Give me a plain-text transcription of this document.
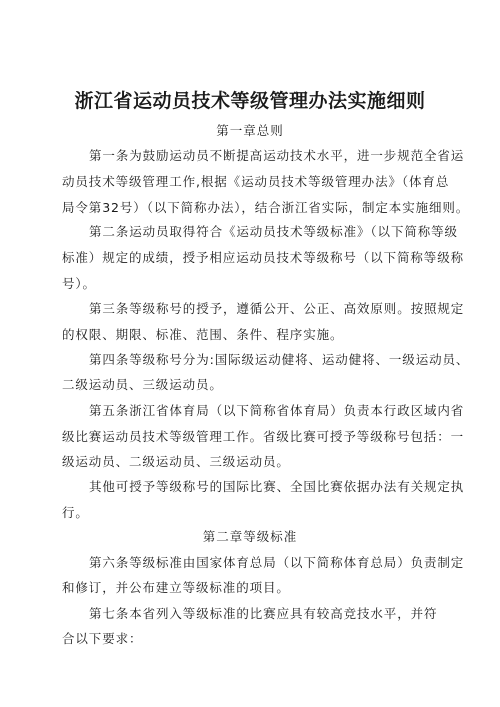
浙江省运动员技术等级管理办法实施细则
第一章总则
第一条为鼓励运动员不断提高运动技术水平，进一步规范全省运
动员技术等级管理工作,根据《运动员技术等级管理办法》（体育总
局令第32号）（以下简称办法），结合浙江省实际，制定本实施细则。
第二条运动员取得符合《运动员技术等级标准》（以下简称等级
标准）规定的成绩，授予相应运动员技术等级称号（以下简称等级称
号）。
第三条等级称号的授予，遵循公开、公正、高效原则。按照规定
的权限、期限、标准、范围、条件、程序实施。
第四条等级称号分为:国际级运动健将、运动健将、一级运动员、
二级运动员、三级运动员。
第五条浙江省体育局（以下简称省体育局）负责本行政区域内省
级比赛运动员技术等级管理工作。省级比赛可授予等级称号包括：一
级运动员、二级运动员、三级运动员。
其他可授予等级称号的国际比赛、全国比赛依据办法有关规定执
行。
第二章等级标准
第六条等级标准由国家体育总局（以下简称体育总局）负责制定
和修订，并公布建立等级标准的项目。
第七条本省列入等级标准的比赛应具有较高竞技水平，并符
合以下要求：
